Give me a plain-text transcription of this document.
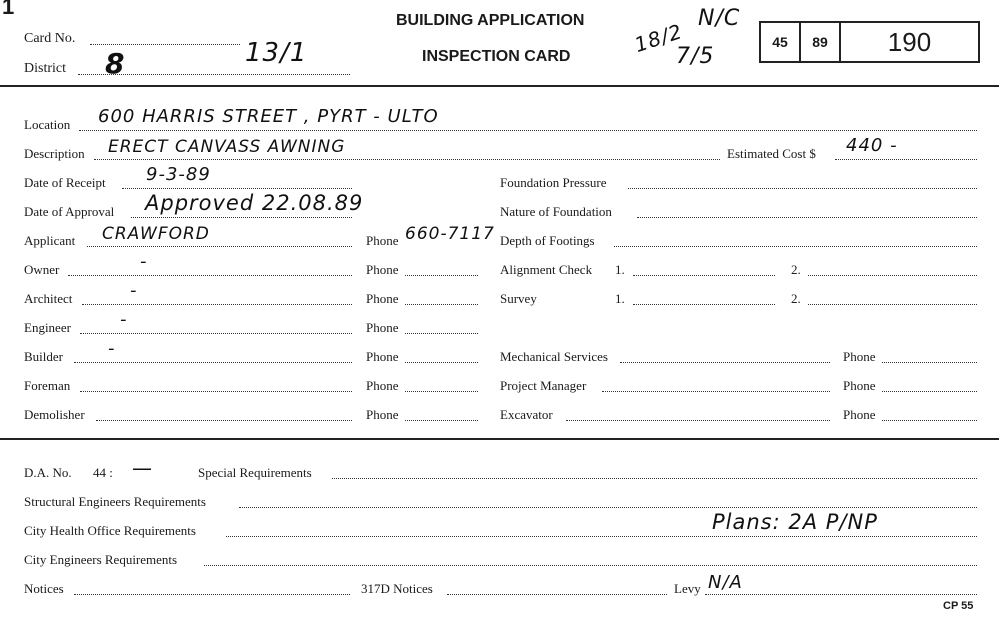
1
Card No.
District 8	13/1
BUILDING APPLICATION
INSPECTION CARD	18/2
N/C
7/5
45	89	190
Location 600 HARRIS STREET , PYRT - ULTO
Description ERECT CANVASS AWNING	Estimated Cost $ 440 -
Date of Receipt 9-3-89	Foundation Pressure
Date of Approval Approved 22.08.89	Nature of Foundation
Applicant CRAWFORD	Phone 660-7117 Depth of Footings
Owner	-	Phone	Alignment Check 1.	2.
Architect	-	Phone	Survey	1.	2.
Engineer	-	Phone
Builder	-	Phone	Mechanical Services	Phone
Foreman	Phone	Project Manager	Phone
Demolisher	Phone	Excavator	Phone
D.A. No. 44 : —	Special Requirements
Structural Engineers Requirements
City Health Office Requirements	Plans: 2A P/NP
City Engineers Requirements
Notices	317D Notices	Levy N/A
CP 55
